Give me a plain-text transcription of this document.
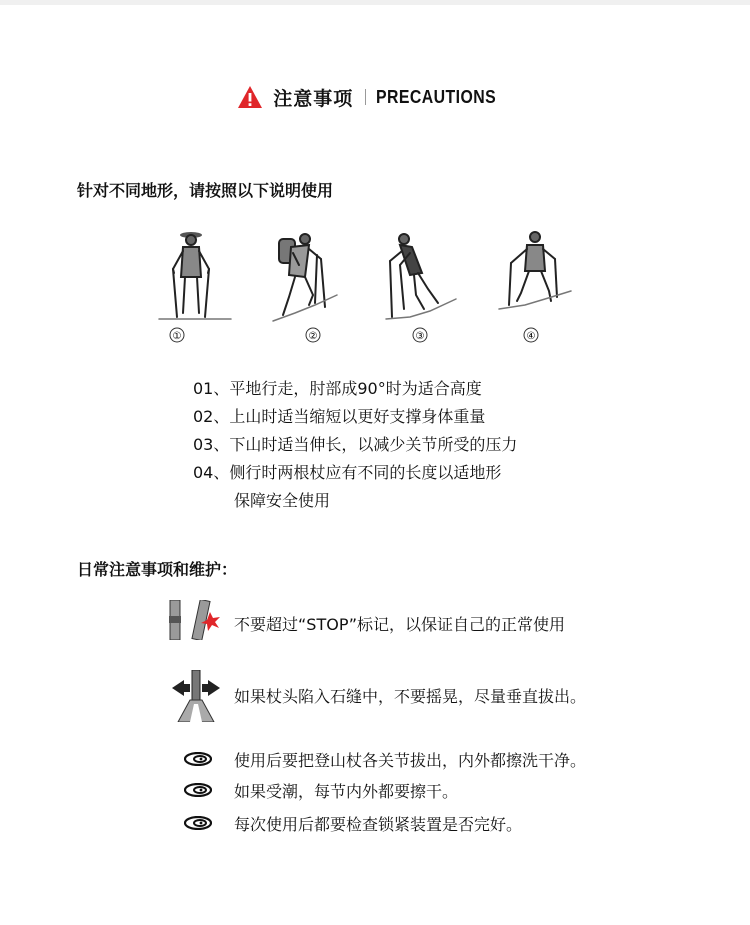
注意事项 PRECAUTIONS
针对不同地形，请按照以下说明使用
①	②	③	④
01、平地行走，肘部成90°时为适合高度
02、上山时适当缩短以更好支撑身体重量
03、下山时适当伸长，以减少关节所受的压力
04、侧行时两根杖应有不同的长度以适地形
保障安全使用
日常注意事项和维护：
不要超过“STOP”标记，以保证自己的正常使用
如果杖头陷入石缝中，不要摇晃，尽量垂直拔出。
使用后要把登山杖各关节拔出，内外都擦洗干净。
如果受潮，每节内外都要擦干。
每次使用后都要检查锁紧装置是否完好。
